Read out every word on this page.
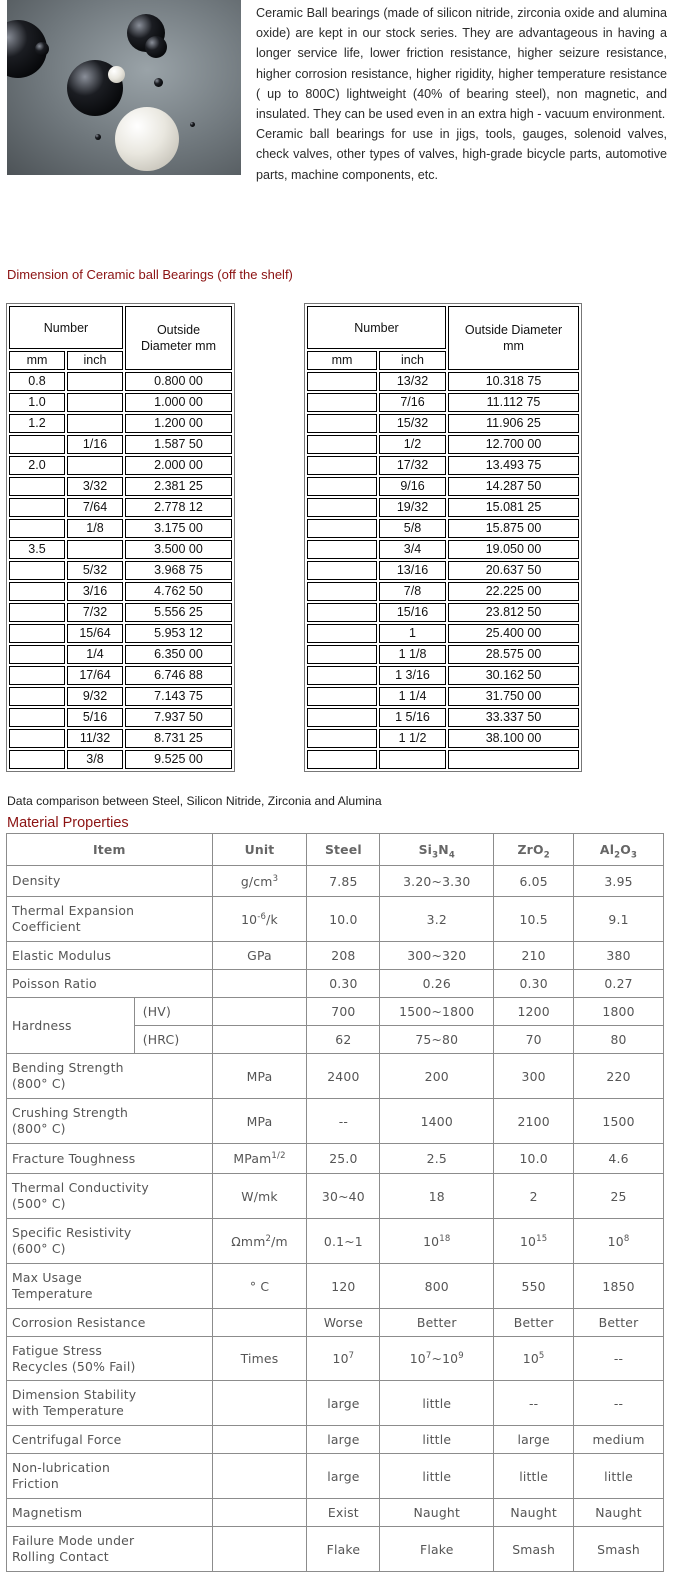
Ceramic Ball bearings (made of silicon nitride, zirconia oxide and alumina oxide) are kept in our stock series. They are advantageous in having a longer service life, lower friction resistance, higher seizure resistance, higher corrosion resistance, higher rigidity, higher temperature resistance ( up to 800C) lightweight (40% of bearing steel), non magnetic, and insulated. They can be used even in an extra high - vacuum environment.

Ceramic ball bearings for use in jigs, tools, gauges, solenoid valves, check valves, other types of valves, high-grade bicycle parts, automotive parts, machine components, etc.

Dimension of Ceramic ball Bearings (off the shelf)
Number		Outside Diameter mm
mm	inch	
0.8		0.800 00
1.0		1.000 00
1.2		1.200 00
	1/16	1.587 50
2.0		2.000 00
	3/32	2.381 25
	7/64	2.778 12
	1/8	3.175 00
3.5		3.500 00
	5/32	3.968 75
	3/16	4.762 50
	7/32	5.556 25
	15/64	5.953 12
	1/4	6.350 00
	17/64	6.746 88
	9/32	7.143 75
	5/16	7.937 50
	11/32	8.731 25
	3/8	9.525 00
Number		Outside Diameter mm
mm	inch	
	13/32	10.318 75
	7/16	11.112 75
	15/32	11.906 25
	1/2	12.700 00
	17/32	13.493 75
	9/16	14.287 50
	19/32	15.081 25
	5/8	15.875 00
	3/4	19.050 00
	13/16	20.637 50
	7/8	22.225 00
	15/16	23.812 50
	1	25.400 00
	1 1/8	28.575 00
	1 3/16	30.162 50
	1 1/4	31.750 00
	1 5/16	33.337 50
	1 1/2	38.100 00

Data comparison between Steel, Silicon Nitride, Zirconia and Alumina
Material Properties
Item		Unit	Steel	$Si_3N_4$	ZrO$_2$	$Al_2O_3$
Density		$g/cm^3$	7.85	3.20~3.30	6.05	3.95
Thermal Expansion
Coefficient		$10^{-6}/k$	10.0	3.2	10.5	9.1
Elastic Modulus		GPa	208	300~320	210	380
Poisson Ratio			0.30	0.26	0.30	0.27
Hardness	(HV)		700	1500~1800	1200	1800
	(HRC)		62	75~80	70	80
Bending Strength
(800° C)		MPa	2400	200	300	220
Crushing Strength
(800° C)		MPa	--	1400	2100	1500
Fracture Toughness		MPam$^{1/2}$	25.0	2.5	10.0	4.6
Thermal Conductivity
(500° C)		W/mk	30~40	18	2	25
Specific Resistivity
(600° C)		Ωmm$^2$/m	0.1~1	$10^{18}$	$10^{15}$	$10^8$
Max Usage
Temperature		° C	120	800	550	1850
Corrosion Resistance			Worse	Better	Better	Better
Fatigue Stress
Recycles (50% Fail)		Times	$10^7$	$10^7\sim 10^9$	$10^5$	--
Dimension Stability
with Temperature			large	little	--	--
Centrifugal Force			large	little	large	medium
Non-lubrication
Friction			large	little	little	little
Magnetism			Exist	Naught	Naught	Naught
Failure Mode under
Rolling Contact			Flake	Flake	Smash	Smash
